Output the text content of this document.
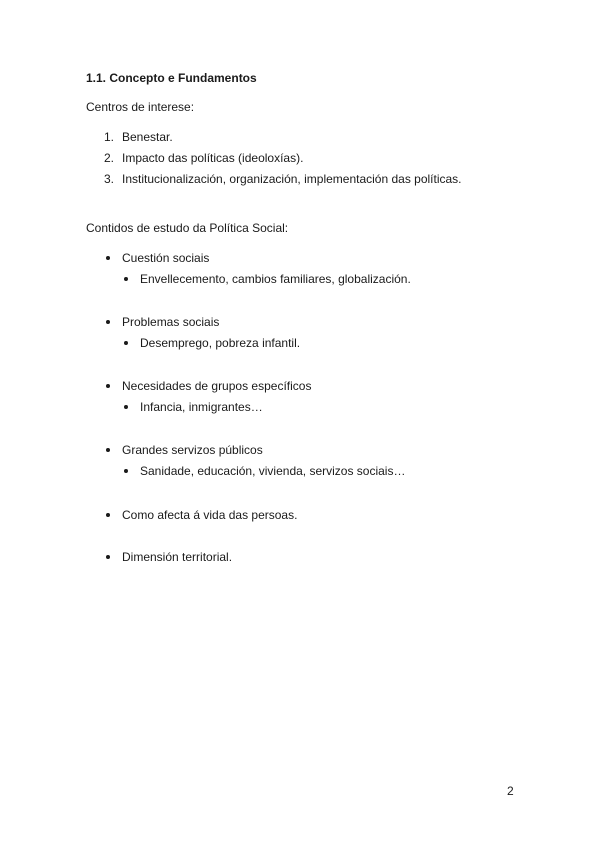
1.1. Concepto e Fundamentos
Centros de interese:
1. Benestar.
2. Impacto das políticas (ideoloxías).
3. Institucionalización, organización, implementación das políticas.
Contidos de estudo da Política Social:
Cuestión sociais
Envellecemento, cambios familiares, globalización.
Problemas sociais
Desemprego, pobreza infantil.
Necesidades de grupos específicos
Infancia, inmigrantes…
Grandes servizos públicos
Sanidade, educación, vivienda, servizos sociais…
Como afecta á vida das persoas.
Dimensión territorial.
2
